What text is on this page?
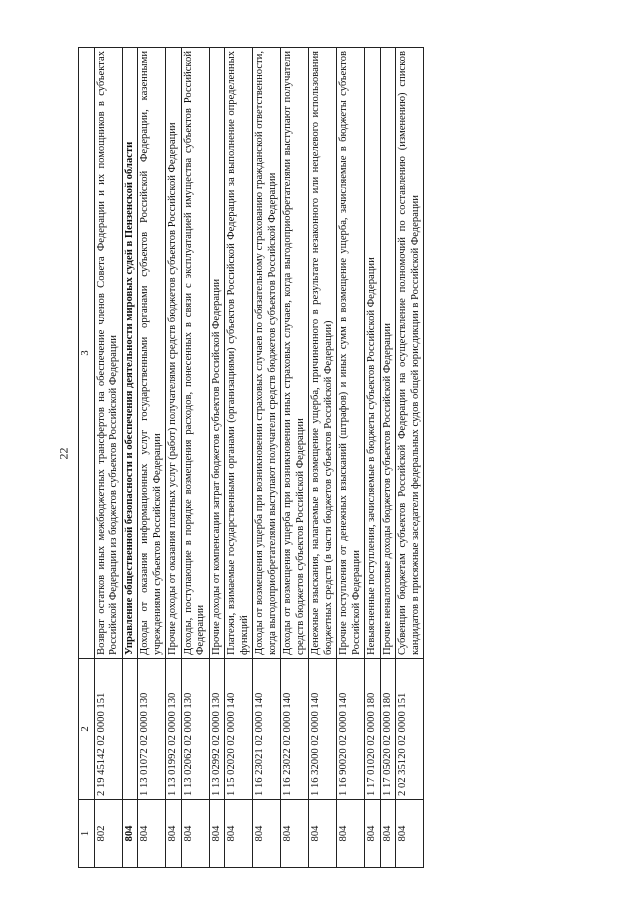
22
1	2	3
802	2 19 45142 02 0000 151	Возврат остатков иных межбюджетных трансфертов на обеспечение членов Совета Федерации и их помощников в субъектах Российской Федерации из бюджетов субъектов Российской Федерации
804		Управление общественной безопасности и обеспечения деятельности мировых судей в Пензенской области
804	1 13 01072 02 0000 130	Доходы от оказания информационных услуг государственными органами субъектов Российской Федерации, казенными учреждениями субъектов Российской Федерации
804	1 13 01992 02 0000 130	Прочие доходы от оказания платных услуг (работ) получателями средств бюджетов субъектов Российской Федерации
804	1 13 02062 02 0000 130	Доходы, поступающие в порядке возмещения расходов, понесенных в связи с эксплуатацией имущества субъектов Российской Федерации
804	1 13 02992 02 0000 130	Прочие доходы от компенсации затрат бюджетов субъектов Российской Федерации
804	1 15 02020 02 0000 140	Платежи, взимаемые государственными органами (организациями) субъектов Российской Федерации за выполнение определенных функций
804	1 16 23021 02 0000 140	Доходы от возмещения ущерба при возникновении страховых случаев по обязательному страхованию гражданской ответственности, когда выгодоприобретателями выступают получатели средств бюджетов субъектов Российской Федерации
804	1 16 23022 02 0000 140	Доходы от возмещения ущерба при возникновении иных страховых случаев, когда выгодоприобретателями выступают получатели средств бюджетов субъектов Российской Федерации
804	1 16 32000 02 0000 140	Денежные взыскания, налагаемые в возмещение ущерба, причиненного в результате незаконного или нецелевого использования бюджетных средств (в части бюджетов субъектов Российской Федерации)
804	1 16 90020 02 0000 140	Прочие поступления от денежных взысканий (штрафов) и иных сумм в возмещение ущерба, зачисляемые в бюджеты субъектов Российской Федерации
804	1 17 01020 02 0000 180	Невыясненные поступления, зачисляемые в бюджеты субъектов Российской Федерации
804	1 17 05020 02 0000 180	Прочие неналоговые доходы бюджетов субъектов Российской Федерации
804	2 02 35120 02 0000 151	Субвенции бюджетам субъектов Российской Федерации на осуществление полномочий по составлению (изменению) списков кандидатов в присяжные заседатели федеральных судов общей юрисдикции в Российской Федерации
